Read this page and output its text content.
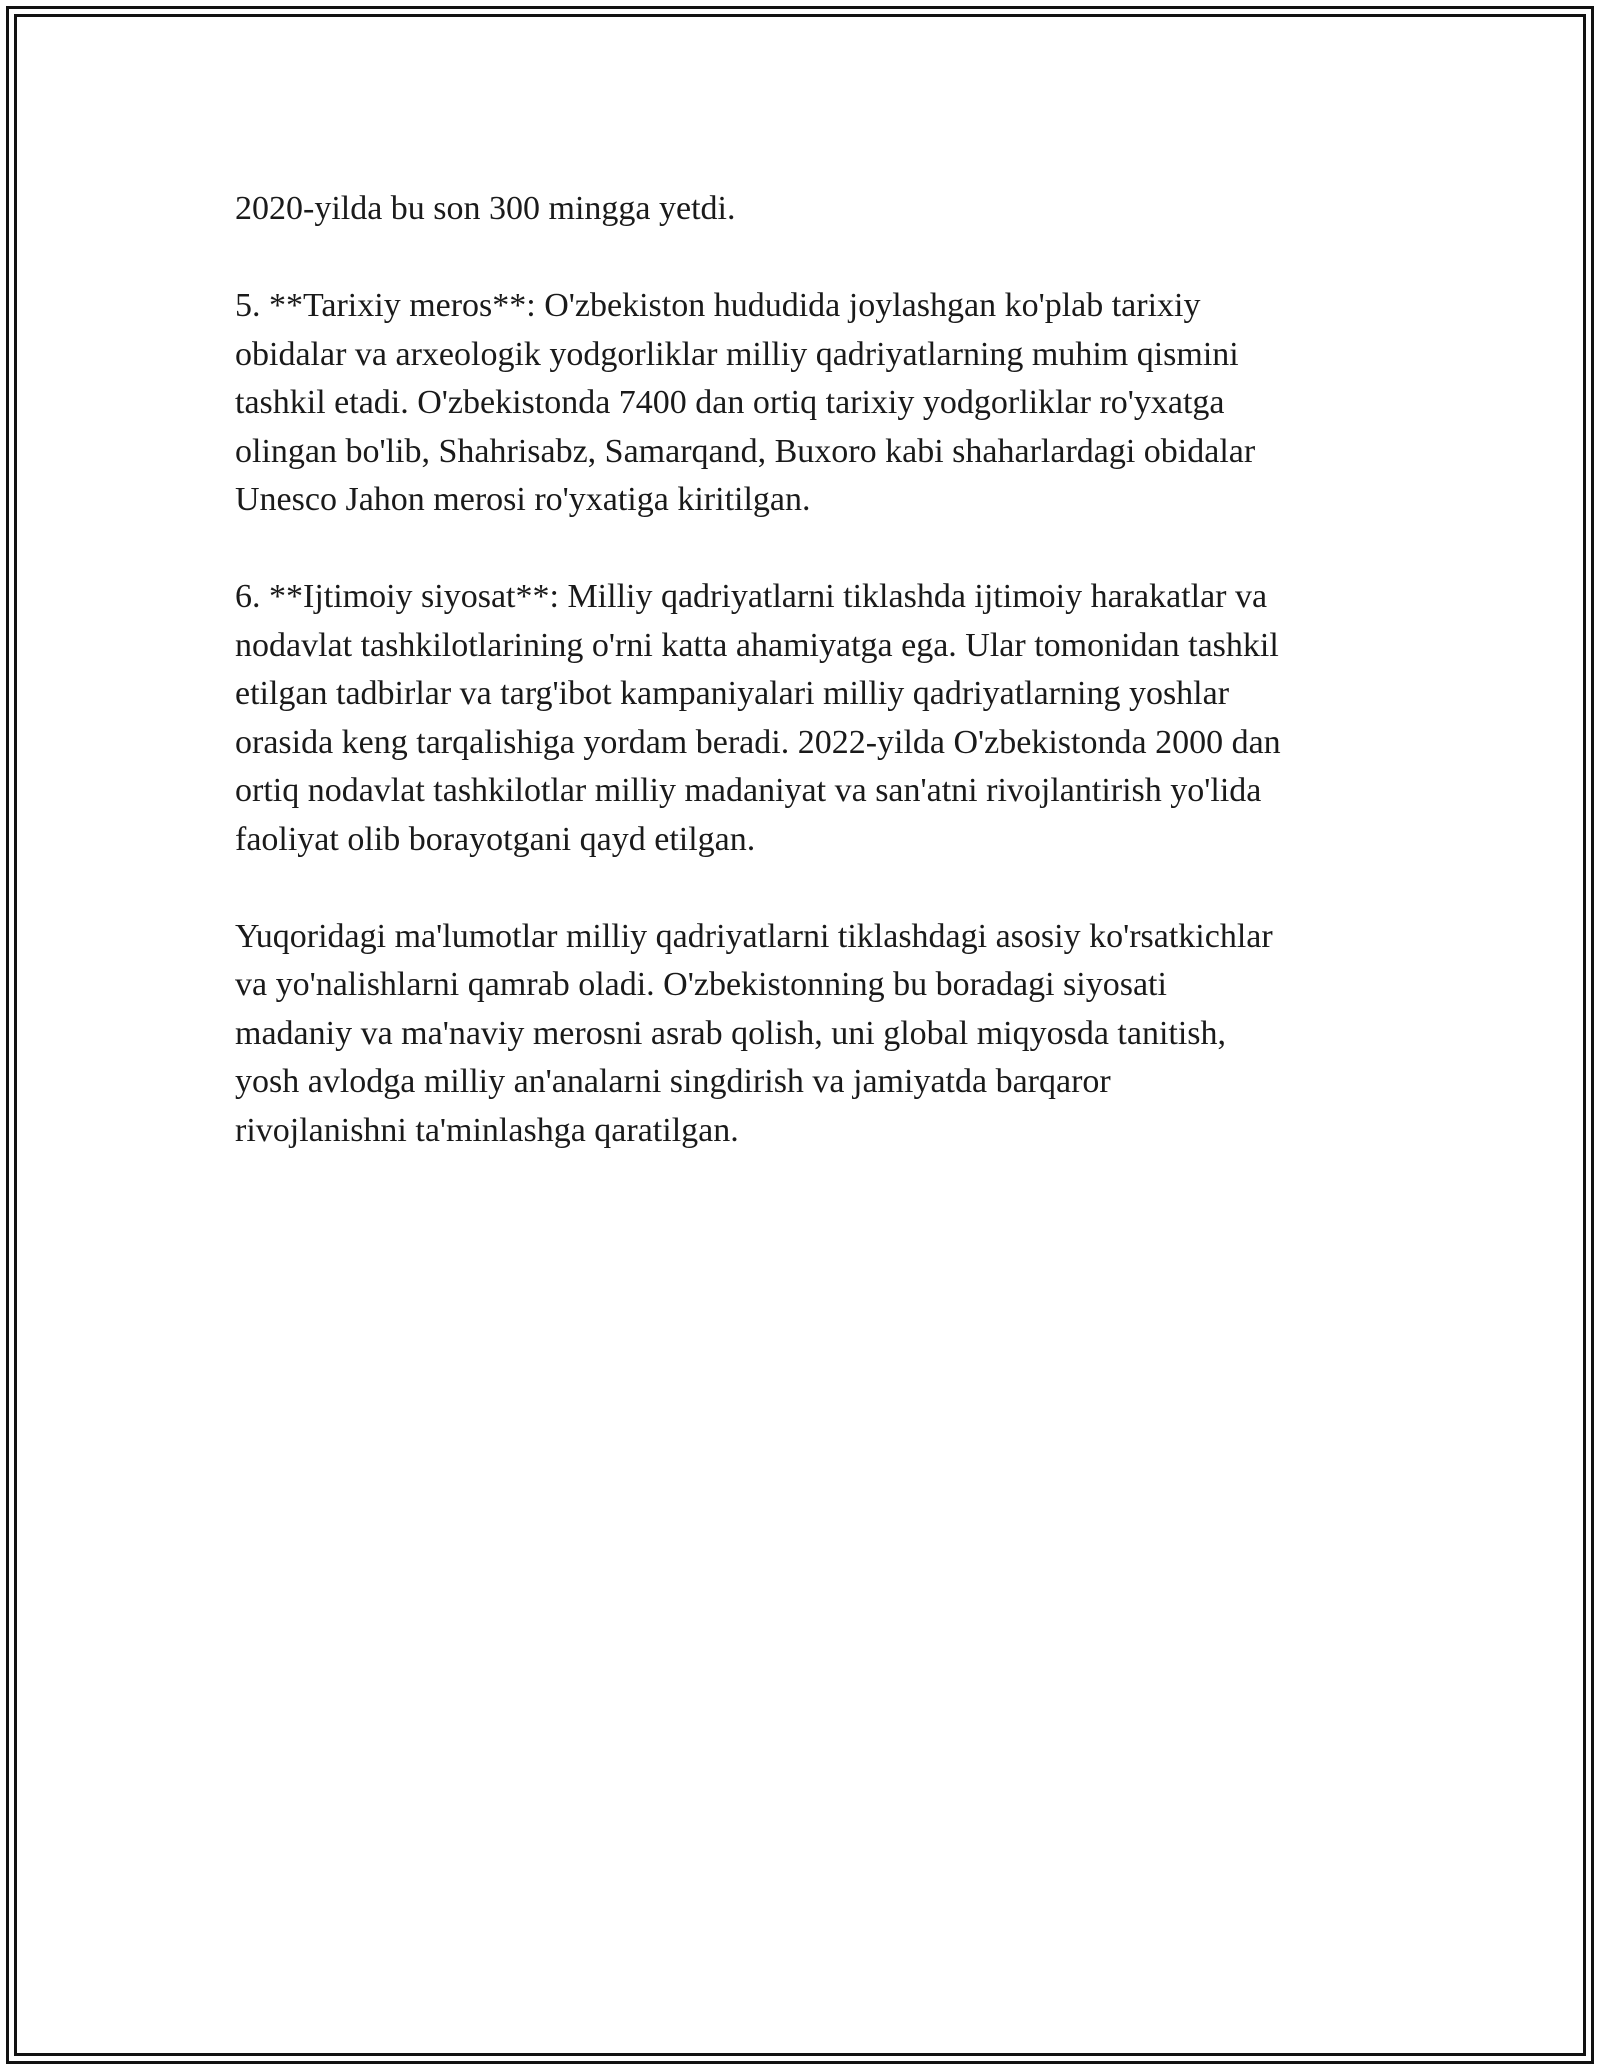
2020-yilda bu son 300 mingga yetdi.

5. **Tarixiy meros**: O'zbekiston hududida joylashgan ko'plab tarixiy
obidalar va arxeologik yodgorliklar milliy qadriyatlarning muhim qismini
tashkil etadi. O'zbekistonda 7400 dan ortiq tarixiy yodgorliklar ro'yxatga
olingan bo'lib, Shahrisabz, Samarqand, Buxoro kabi shaharlardagi obidalar
Unesco Jahon merosi ro'yxatiga kiritilgan.

6. **Ijtimoiy siyosat**: Milliy qadriyatlarni tiklashda ijtimoiy harakatlar va
nodavlat tashkilotlarining o'rni katta ahamiyatga ega. Ular tomonidan tashkil
etilgan tadbirlar va targ'ibot kampaniyalari milliy qadriyatlarning yoshlar
orasida keng tarqalishiga yordam beradi. 2022-yilda O'zbekistonda 2000 dan
ortiq nodavlat tashkilotlar milliy madaniyat va san'atni rivojlantirish yo'lida
faoliyat olib borayotgani qayd etilgan.

Yuqoridagi ma'lumotlar milliy qadriyatlarni tiklashdagi asosiy ko'rsatkichlar
va yo'nalishlarni qamrab oladi. O'zbekistonning bu boradagi siyosati
madaniy va ma'naviy merosni asrab qolish, uni global miqyosda tanitish,
yosh avlodga milliy an'analarni singdirish va jamiyatda barqaror
rivojlanishni ta'minlashga qaratilgan.
